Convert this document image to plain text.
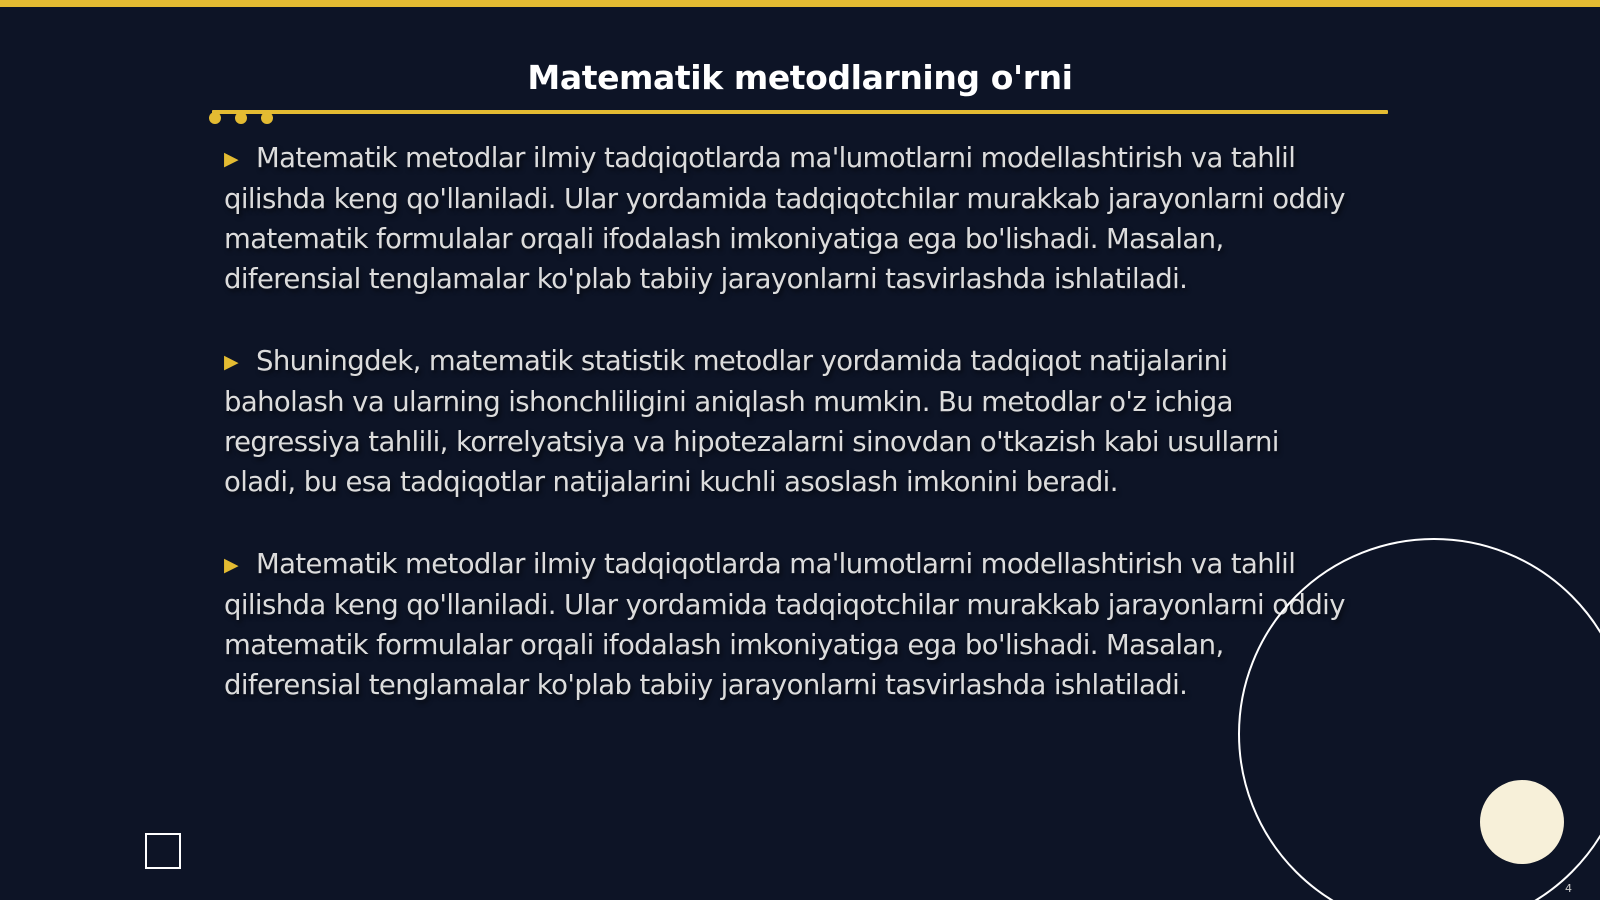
Matematik metodlarning o'rni
▶ Matematik metodlar ilmiy tadqiqotlarda ma'lumotlarni modellashtirish va tahlil
qilishda keng qo'llaniladi. Ular yordamida tadqiqotchilar murakkab jarayonlarni oddiy
matematik formulalar orqali ifodalash imkoniyatiga ega bo'lishadi. Masalan,
diferensial tenglamalar ko'plab tabiiy jarayonlarni tasvirlashda ishlatiladi.
▶ Shuningdek, matematik statistik metodlar yordamida tadqiqot natijalarini
baholash va ularning ishonchliligini aniqlash mumkin. Bu metodlar o'z ichiga
regressiya tahlili, korrelyatsiya va hipotezalarni sinovdan o'tkazish kabi usullarni
oladi, bu esa tadqiqotlar natijalarini kuchli asoslash imkonini beradi.
▶ Matematik metodlar ilmiy tadqiqotlarda ma'lumotlarni modellashtirish va tahlil
qilishda keng qo'llaniladi. Ular yordamida tadqiqotchilar murakkab jarayonlarni oddiy
matematik formulalar orqali ifodalash imkoniyatiga ega bo'lishadi. Masalan,
diferensial tenglamalar ko'plab tabiiy jarayonlarni tasvirlashda ishlatiladi.
4
